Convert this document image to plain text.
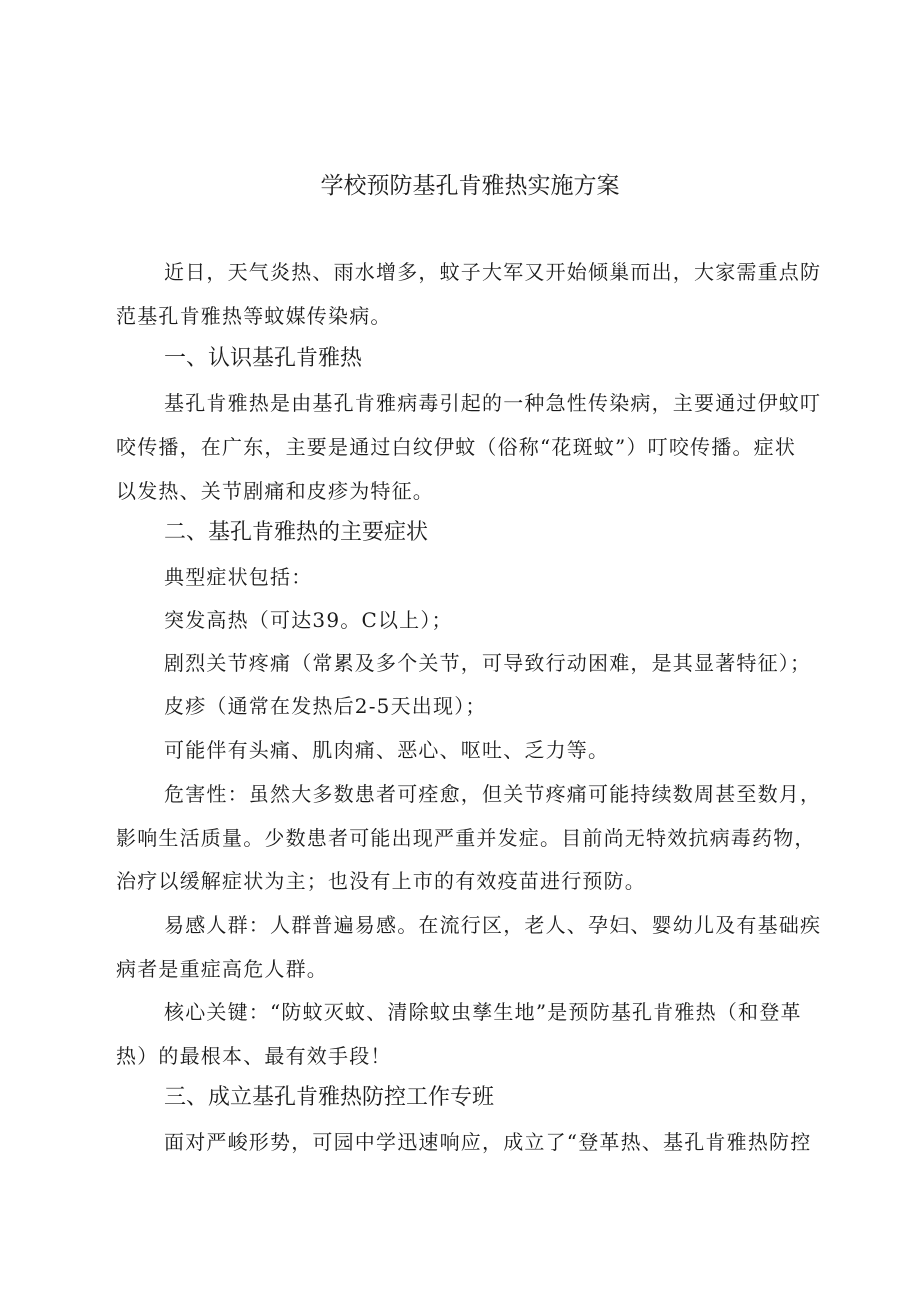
学校预防基孔肯雅热实施方案
近日，天气炎热、雨水增多，蚊子大军又开始倾巢而出，大家需重点防
范基孔肯雅热等蚊媒传染病。
一、认识基孔肯雅热
基孔肯雅热是由基孔肯雅病毒引起的一种急性传染病，主要通过伊蚊叮
咬传播，在广东，主要是通过白纹伊蚊（俗称“花斑蚊”）叮咬传播。症状
以发热、关节剧痛和皮疹为特征。
二、基孔肯雅热的主要症状
典型症状包括：
突发高热（可达39。C以上）；
剧烈关节疼痛（常累及多个关节，可导致行动困难，是其显著特征）；
皮疹（通常在发热后2-5天出现）；
可能伴有头痛、肌肉痛、恶心、呕吐、乏力等。
危害性：虽然大多数患者可痊愈，但关节疼痛可能持续数周甚至数月，
影响生活质量。少数患者可能出现严重并发症。目前尚无特效抗病毒药物，
治疗以缓解症状为主；也没有上市的有效疫苗进行预防。
易感人群：人群普遍易感。在流行区，老人、孕妇、婴幼儿及有基础疾
病者是重症高危人群。
核心关键：“防蚊灭蚊、清除蚊虫孳生地”是预防基孔肯雅热（和登革
热）的最根本、最有效手段！
三、成立基孔肯雅热防控工作专班
面对严峻形势，可园中学迅速响应，成立了“登革热、基孔肯雅热防控
